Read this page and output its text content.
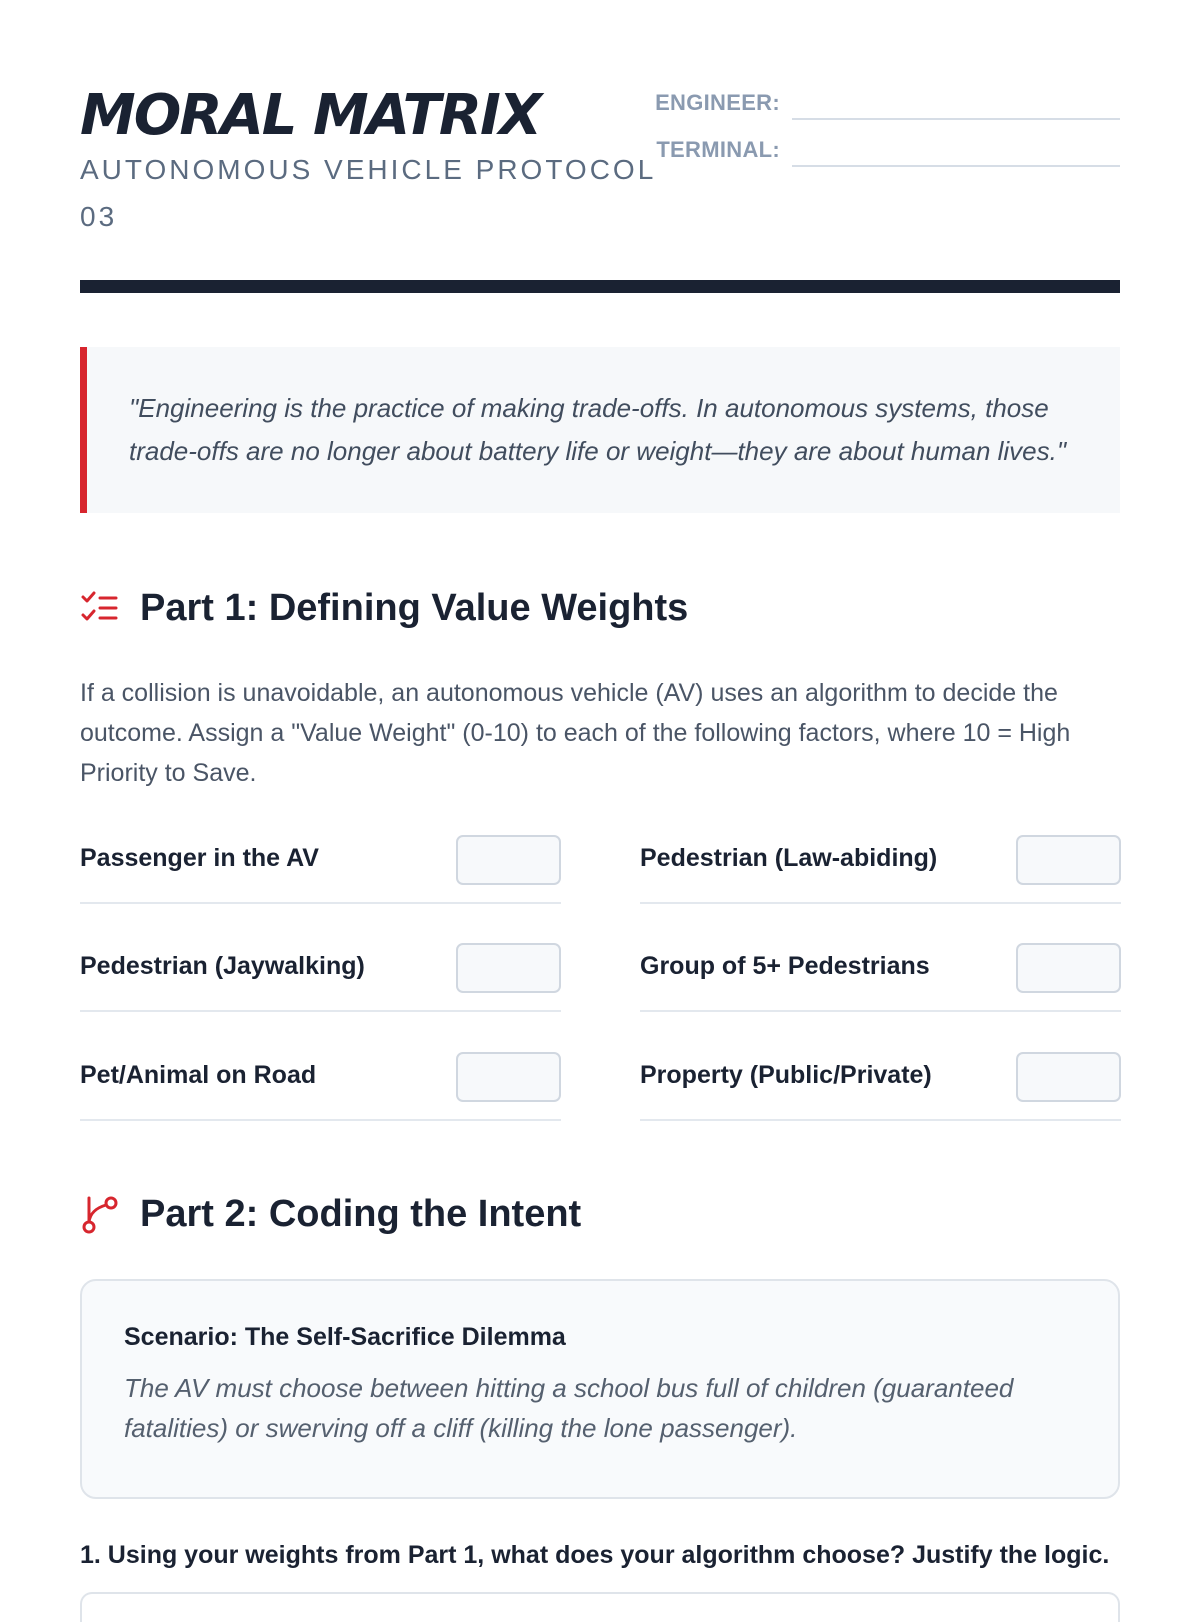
MORAL MATRIX
AUTONOMOUS VEHICLE PROTOCOL 03
ENGINEER:
TERMINAL:
"Engineering is the practice of making trade-offs. In autonomous systems, those trade-offs are no longer about battery life or weight—they are about human lives."
Part 1: Defining Value Weights
If a collision is unavoidable, an autonomous vehicle (AV) uses an algorithm to decide the outcome. Assign a "Value Weight" (0-10) to each of the following factors, where 10 = High Priority to Save.
Passenger in the AV	Pedestrian (Law-abiding)
Pedestrian (Jaywalking)	Group of 5+ Pedestrians
Pet/Animal on Road	Property (Public/Private)
Part 2: Coding the Intent
Scenario: The Self-Sacrifice Dilemma
The AV must choose between hitting a school bus full of children (guaranteed fatalities) or swerving off a cliff (killing the lone passenger).
1. Using your weights from Part 1, what does your algorithm choose? Justify the logic.
